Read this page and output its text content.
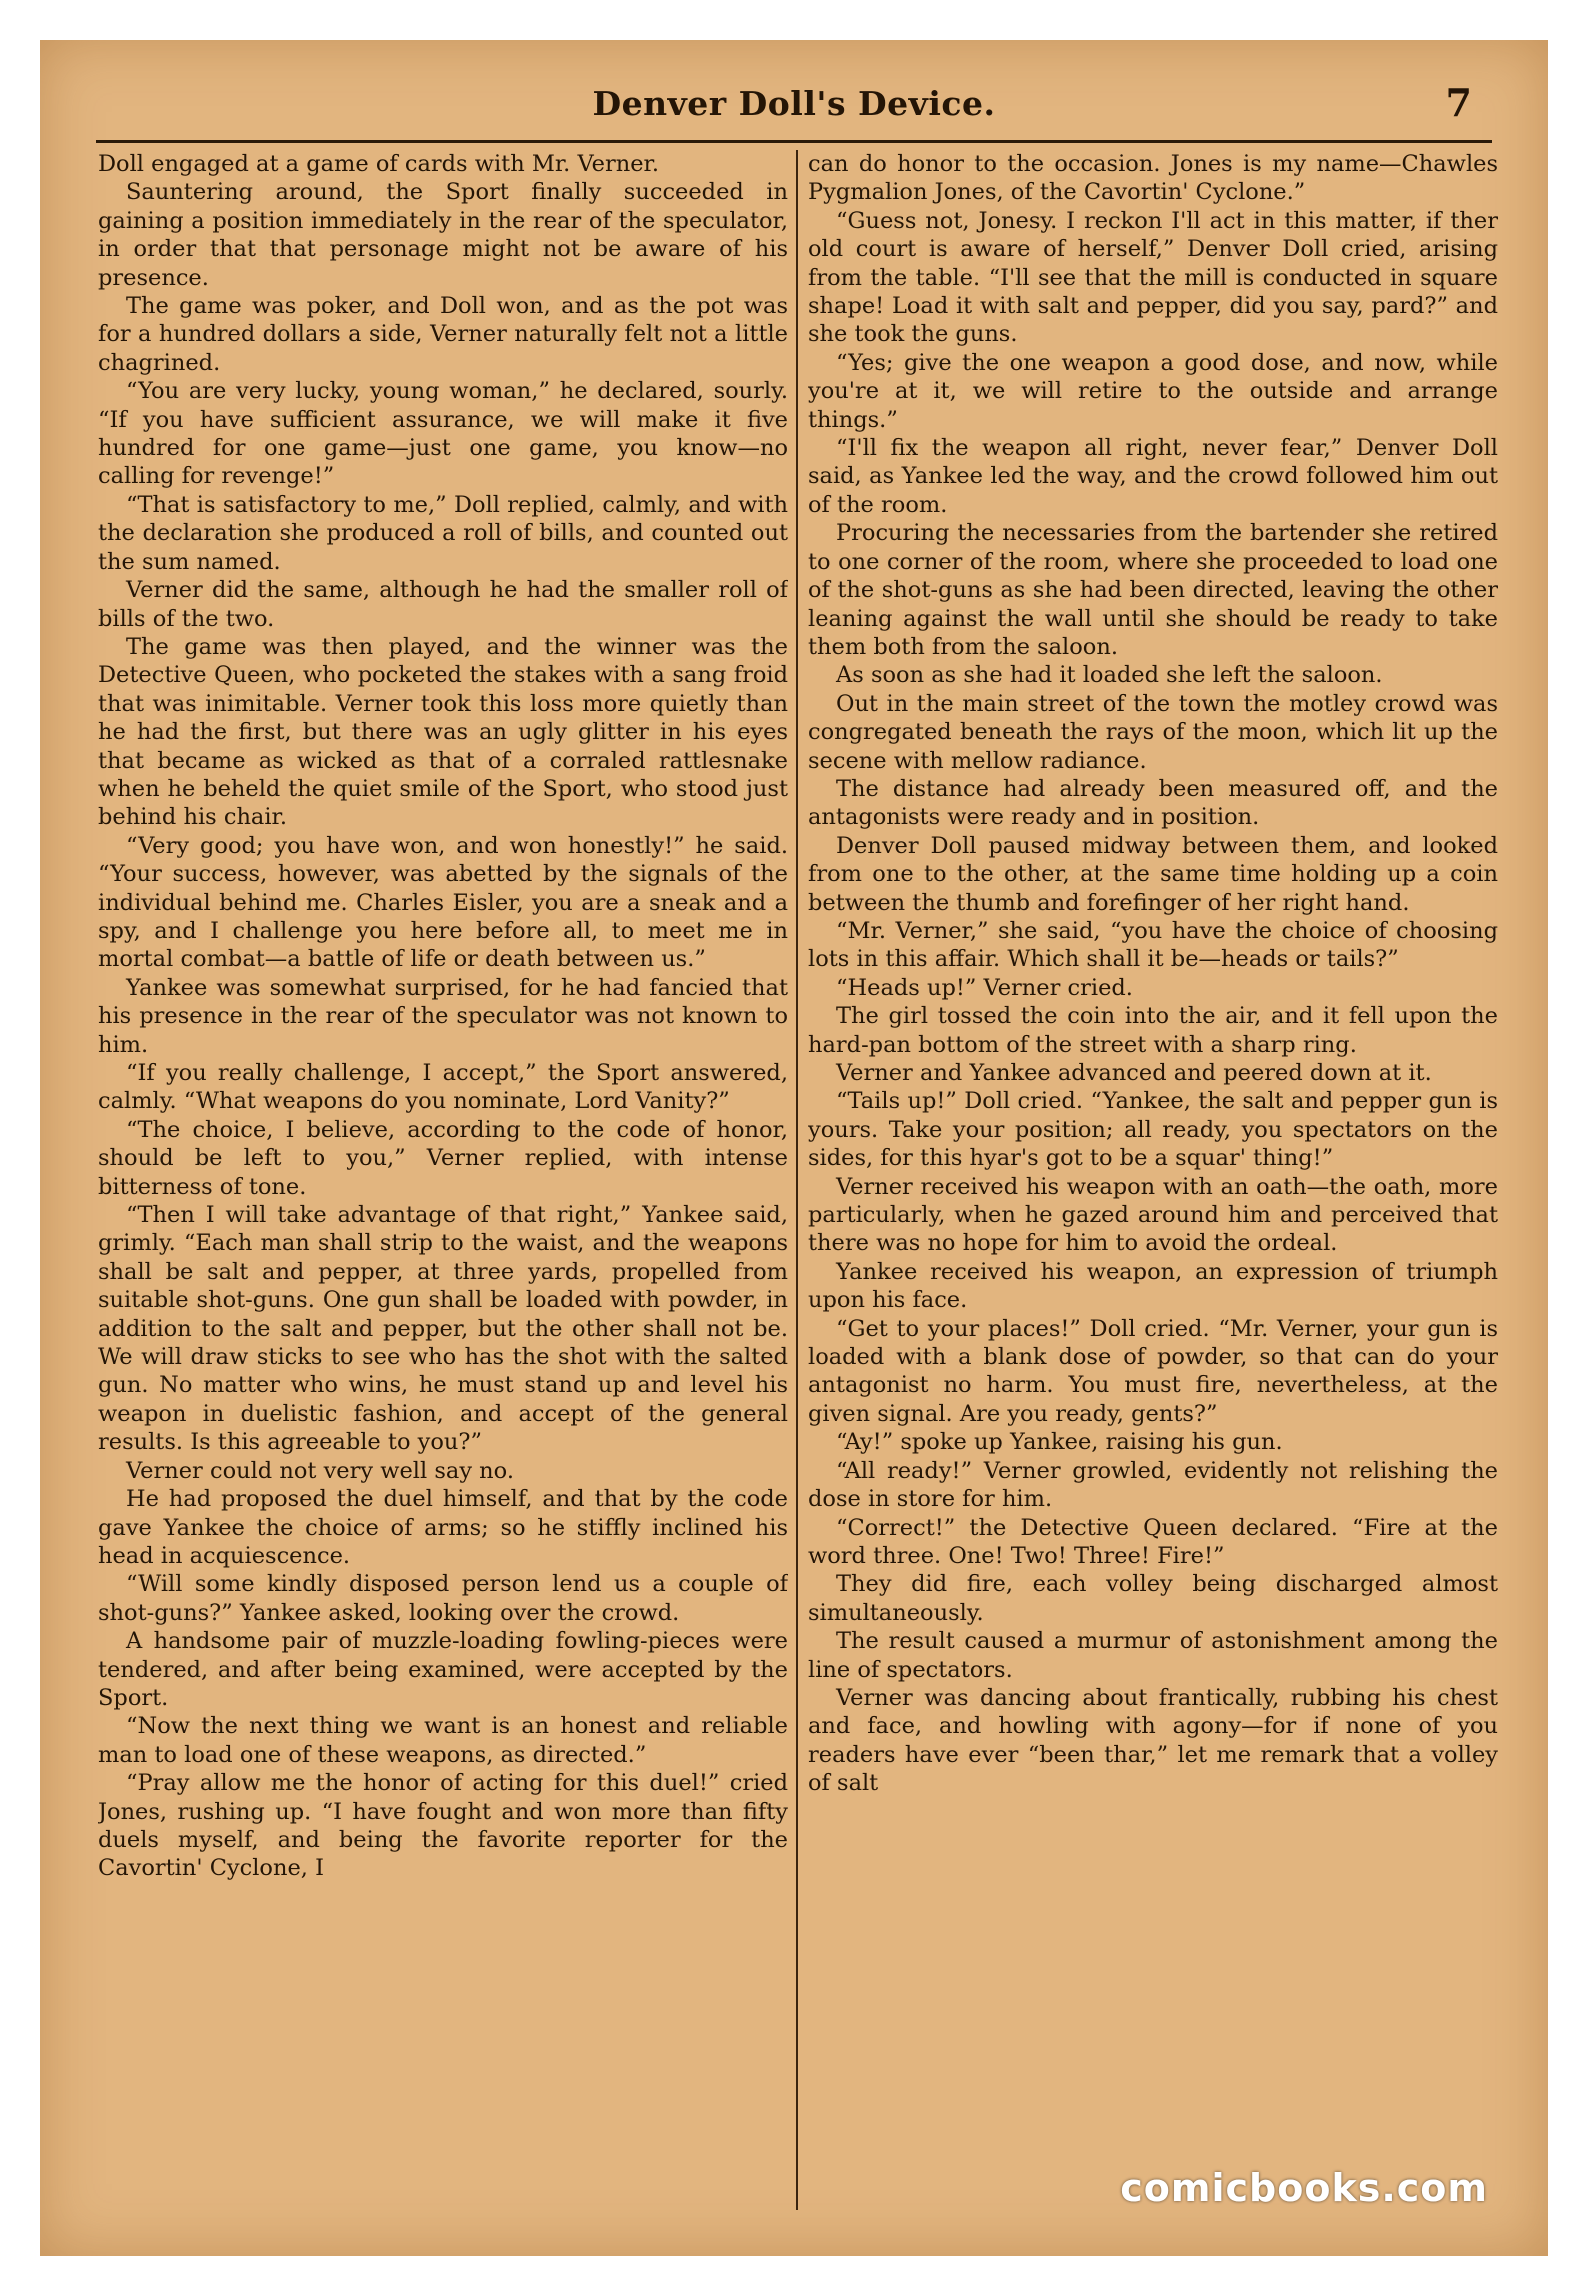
Denver Doll's Device.	7

Doll engaged at a game of cards with Mr. Verner.

Sauntering around, the Sport finally succeeded in gaining a position immediately in the rear of the speculator, in order that that personage might not be aware of his presence.

The game was poker, and Doll won, and as the pot was for a hundred dollars a side, Verner naturally felt not a little chagrined.

“You are very lucky, young woman,” he declared, sourly. “If you have sufficient assurance, we will make it five hundred for one game—just one game, you know—no calling for revenge!”

“That is satisfactory to me,” Doll replied, calmly, and with the declaration she produced a roll of bills, and counted out the sum named.

Verner did the same, although he had the smaller roll of bills of the two.

The game was then played, and the winner was the Detective Queen, who pocketed the stakes with a sang froid that was inimitable. Verner took this loss more quietly than he had the first, but there was an ugly glitter in his eyes that became as wicked as that of a corraled rattlesnake when he beheld the quiet smile of the Sport, who stood just behind his chair.

“Very good; you have won, and won honestly!” he said. “Your success, however, was abetted by the signals of the individual behind me. Charles Eisler, you are a sneak and a spy, and I challenge you here before all, to meet me in mortal combat—a battle of life or death between us.”

Yankee was somewhat surprised, for he had fancied that his presence in the rear of the speculator was not known to him.

“If you really challenge, I accept,” the Sport answered, calmly. “What weapons do you nominate, Lord Vanity?”

“The choice, I believe, according to the code of honor, should be left to you,” Verner replied, with intense bitterness of tone.

“Then I will take advantage of that right,” Yankee said, grimly. “Each man shall strip to the waist, and the weapons shall be salt and pepper, at three yards, propelled from suitable shot-guns. One gun shall be loaded with powder, in addition to the salt and pepper, but the other shall not be. We will draw sticks to see who has the shot with the salted gun. No matter who wins, he must stand up and level his weapon in duelistic fashion, and accept of the general results. Is this agreeable to you?”

Verner could not very well say no.

He had proposed the duel himself, and that by the code gave Yankee the choice of arms; so he stiffly inclined his head in acquiescence.

“Will some kindly disposed person lend us a couple of shot-guns?” Yankee asked, looking over the crowd.

A handsome pair of muzzle-loading fowling-pieces were tendered, and after being examined, were accepted by the Sport.

“Now the next thing we want is an honest and reliable man to load one of these weapons, as directed.”

“Pray allow me the honor of acting for this duel!” cried Jones, rushing up. “I have fought and won more than fifty duels myself, and being the favorite reporter for the Cavortin' Cyclone, I

can do honor to the occasion. Jones is my name—Chawles Pygmalion Jones, of the Cavortin' Cyclone.”

“Guess not, Jonesy. I reckon I'll act in this matter, if ther old court is aware of herself,” Denver Doll cried, arising from the table. “I'll see that the mill is conducted in square shape! Load it with salt and pepper, did you say, pard?” and she took the guns.

“Yes; give the one weapon a good dose, and now, while you're at it, we will retire to the outside and arrange things.”

“I'll fix the weapon all right, never fear,” Denver Doll said, as Yankee led the way, and the crowd followed him out of the room.

Procuring the necessaries from the bartender she retired to one corner of the room, where she proceeded to load one of the shot-guns as she had been directed, leaving the other leaning against the wall until she should be ready to take them both from the saloon.

As soon as she had it loaded she left the saloon.

Out in the main street of the town the motley crowd was congregated beneath the rays of the moon, which lit up the secene with mellow radiance.

The distance had already been measured off, and the antagonists were ready and in position.

Denver Doll paused midway between them, and looked from one to the other, at the same time holding up a coin between the thumb and forefinger of her right hand.

“Mr. Verner,” she said, “you have the choice of choosing lots in this affair. Which shall it be—heads or tails?”

“Heads up!” Verner cried.

The girl tossed the coin into the air, and it fell upon the hard-pan bottom of the street with a sharp ring.

Verner and Yankee advanced and peered down at it.

“Tails up!” Doll cried. “Yankee, the salt and pepper gun is yours. Take your position; all ready, you spectators on the sides, for this hyar's got to be a squar' thing!”

Verner received his weapon with an oath—the oath, more particularly, when he gazed around him and perceived that there was no hope for him to avoid the ordeal.

Yankee received his weapon, an expression of triumph upon his face.

“Get to your places!” Doll cried. “Mr. Verner, your gun is loaded with a blank dose of powder, so that can do your antagonist no harm. You must fire, nevertheless, at the given signal. Are you ready, gents?”

“Ay!” spoke up Yankee, raising his gun.

“All ready!” Verner growled, evidently not relishing the dose in store for him.

“Correct!” the Detective Queen declared. “Fire at the word three. One! Two! Three! Fire!”

They did fire, each volley being discharged almost simultaneously.

The result caused a murmur of astonishment among the line of spectators.

Verner was dancing about frantically, rubbing his chest and face, and howling with agony—for if none of you readers have ever “been thar,” let me remark that a volley of salt

comicbooks.com
